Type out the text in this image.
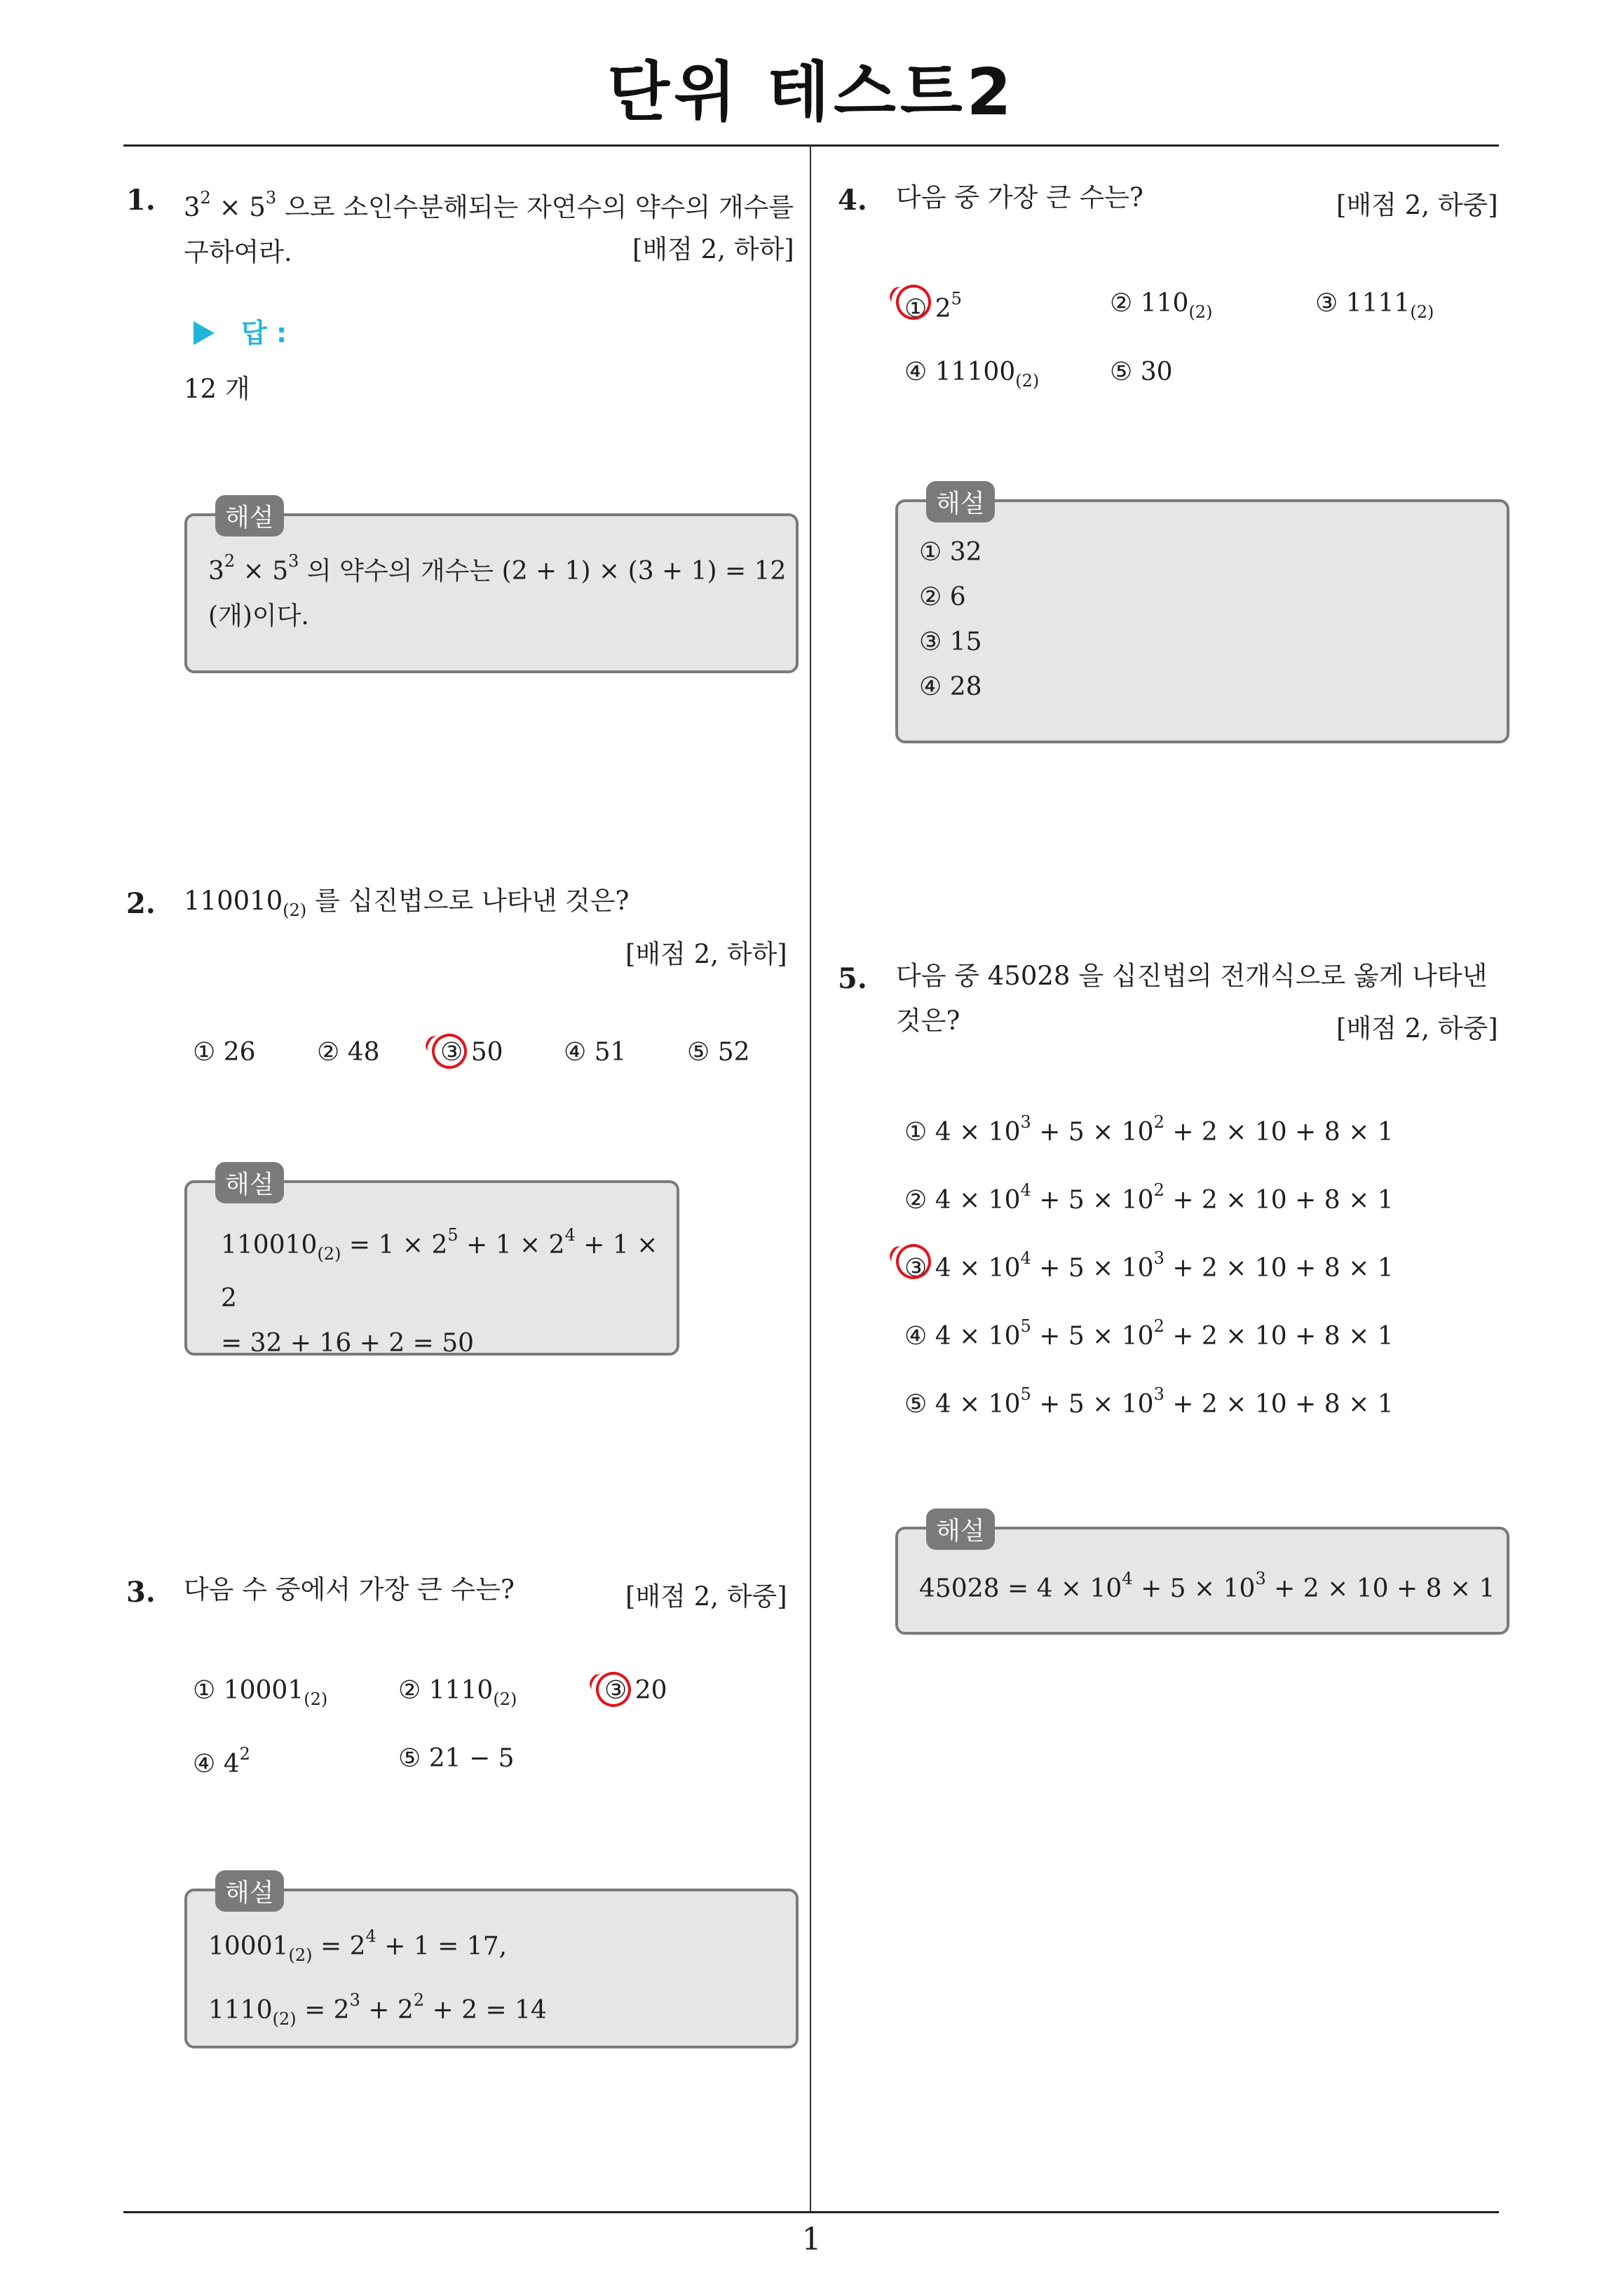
단위 테스트2
1
1. $3^2 \times 5^3$ 으로 소인수분해되는 자연수의 약수의 개수를
구하여라.	[배점 2, 하하]
답 :
12 개
해설
$3^2 \times 5^3$ 의 약수의 개수는 (2 + 1) × (3 + 1) = 12
(개)이다.
2. $110010_{(2)}$ 를 십진법으로 나타낸 것은?
[배점 2, 하하]
① 26 ② 48 ③ 50 ④ 51 ⑤ 52
해설
$110010_{(2)} = 1 \times 2^5 + 1 \times 2^4 + 1 \times 2$
= 32 + 16 + 2 = 50
3. 다음 수 중에서 가장 큰 수는?	[배점 2, 하중]
① $10001_{(2)}$	② $1110_{(2)}$	③ 20
④ $4^2$	⑤ 21 − 5
해설
$10001_{(2)} = 2^4 + 1 = 17$,
$1110_{(2)} = 2^3 + 2^2 + 2 = 14$
4. 다음 중 가장 큰 수는?	[배점 2, 하중]
① $2^5$	② $110_{(2)}$	③ $1111_{(2)}$
④ $11100_{(2)}$	⑤ 30
해설
① 32
② 6
③ 15
④ 28
5. 다음 중 45028 을 십진법의 전개식으로 옳게 나타낸
것은?	[배점 2, 하중]
① $4 \times 10^3 + 5 \times 10^2 + 2 \times 10 + 8 \times 1$
② $4 \times 10^4 + 5 \times 10^2 + 2 \times 10 + 8 \times 1$
③ $4 \times 10^4 + 5 \times 10^3 + 2 \times 10 + 8 \times 1$
④ $4 \times 10^5 + 5 \times 10^2 + 2 \times 10 + 8 \times 1$
⑤ $4 \times 10^5 + 5 \times 10^3 + 2 \times 10 + 8 \times 1$
해설
$45028 = 4 \times 10^4 + 5 \times 10^3 + 2 \times 10 + 8 \times 1$
